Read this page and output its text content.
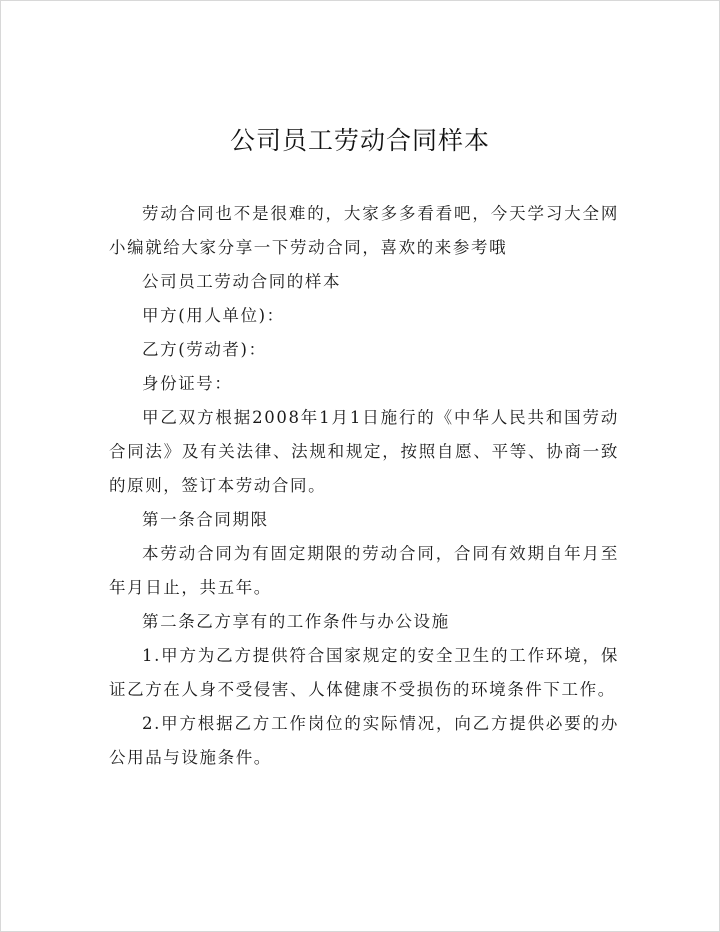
公司员工劳动合同样本

劳动合同也不是很难的，大家多多看看吧，今天学习大全网小编就给大家分享一下劳动合同，喜欢的来参考哦

公司员工劳动合同的样本

甲方(用人单位)：

乙方(劳动者)：

身份证号：

甲乙双方根据2008年1月1日施行的《中华人民共和国劳动合同法》及有关法律、法规和规定，按照自愿、平等、协商一致的原则，签订本劳动合同。

第一条合同期限

本劳动合同为有固定期限的劳动合同，合同有效期自年月至年月日止，共五年。

第二条乙方享有的工作条件与办公设施

1.甲方为乙方提供符合国家规定的安全卫生的工作环境，保证乙方在人身不受侵害、人体健康不受损伤的环境条件下工作。

2.甲方根据乙方工作岗位的实际情况，向乙方提供必要的办公用品与设施条件。
